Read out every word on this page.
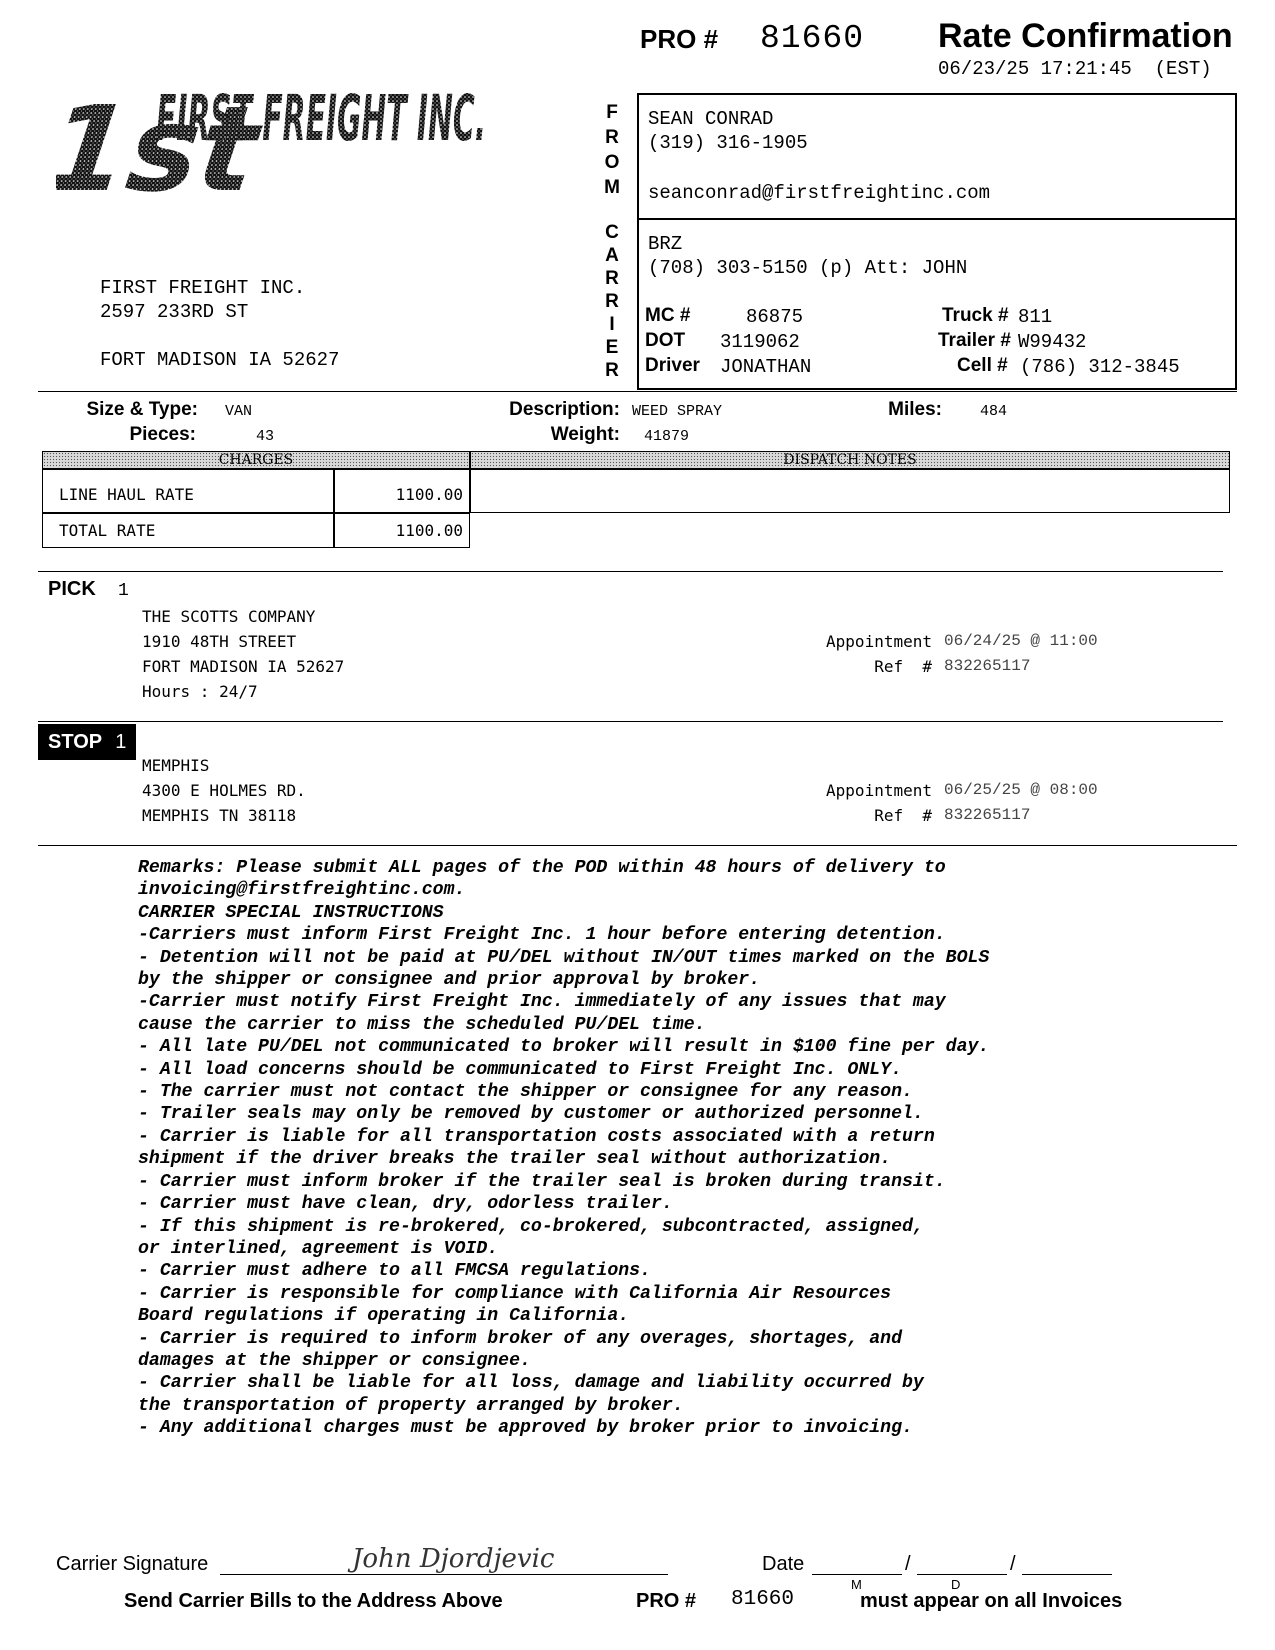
PRO # 81660 Rate Confirmation
06/23/25 17:21:45  (EST)
1st
FIRST FREIGHT INC.
FIRST FREIGHT INC.
2597 233RD ST
FORT MADISON IA 52627
F
R
O
M
C
A
R
R
I
E
R
SEAN CONRAD
(319) 316-1905
seanconrad@firstfreightinc.com
BRZ
(708) 303-5150 (p) Att: JOHN
MC #	86875
DOT 3119062
Driver JONATHAN
Truck # 811
Trailer # W99432
Cell # (786) 312-3845
Size & Type: VAN
Pieces:	43
Description: WEED SPRAY
Weight: 41879
Miles:	484
CHARGES	DISPATCH NOTES
LINE HAUL RATE	1100.00
TOTAL RATE	1100.00
PICK 1
THE SCOTTS COMPANY
1910 48TH STREET
FORT MADISON IA 52627
Hours : 24/7
Appointment 06/24/25 @ 11:00
Ref  # 832265117
STOP 1
MEMPHIS
4300 E HOLMES RD.
MEMPHIS TN 38118
Appointment 06/25/25 @ 08:00
Ref  # 832265117
Remarks: Please submit ALL pages of the POD within 48 hours of delivery to
invoicing@firstfreightinc.com.
CARRIER SPECIAL INSTRUCTIONS
-Carriers must inform First Freight Inc. 1 hour before entering detention.
- Detention will not be paid at PU/DEL without IN/OUT times marked on the BOLS
by the shipper or consignee and prior approval by broker.
-Carrier must notify First Freight Inc. immediately of any issues that may
cause the carrier to miss the scheduled PU/DEL time.
- All late PU/DEL not communicated to broker will result in $100 fine per day.
- All load concerns should be communicated to First Freight Inc. ONLY.
- The carrier must not contact the shipper or consignee for any reason.
- Trailer seals may only be removed by customer or authorized personnel.
- Carrier is liable for all transportation costs associated with a return
shipment if the driver breaks the trailer seal without authorization.
- Carrier must inform broker if the trailer seal is broken during transit.
- Carrier must have clean, dry, odorless trailer.
- If this shipment is re-brokered, co-brokered, subcontracted, assigned,
or interlined, agreement is VOID.
- Carrier must adhere to all FMCSA regulations.
- Carrier is responsible for compliance with California Air Resources
Board regulations if operating in California.
- Carrier is required to inform broker of any overages, shortages, and
damages at the shipper or consignee.
- Carrier shall be liable for all loss, damage and liability occurred by
the transportation of property arranged by broker.
- Any additional charges must be approved by broker prior to invoicing.
Carrier Signature	John Djordjevic	Date	/	/
M	D
Send Carrier Bills to the Address Above	PRO # 81660	must appear on all Invoices
